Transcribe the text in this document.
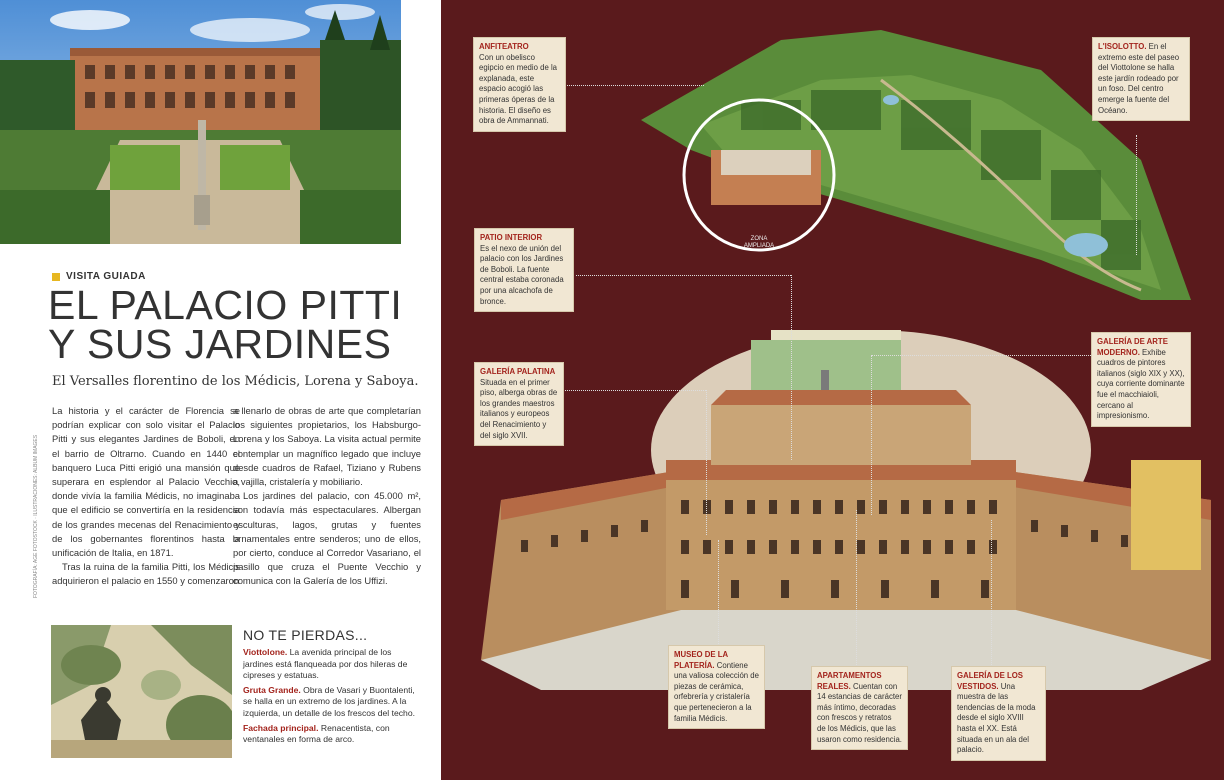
VISITA GUIADA
EL PALACIO PITTI
Y SUS JARDINES
El Versalles florentino de los Médicis, Lorena y Saboya.
FOTOGRAFÍA: AGE FOTOSTOCK · ILUSTRACIONES: ALBUM IMAGES

La historia y el carácter de Florencia se podrían explicar con solo visitar el Palacio Pitti y sus elegantes Jardines de Boboli, en el barrio de Oltrarno. Cuando en 1440 el banquero Luca Pitti erigió una mansión que superara en esplendor al Palacio Vecchio, donde vivía la familia Médicis, no imaginaba que el edificio se convertiría en la residencia de los grandes mecenas del Renacimiento y de los gobernantes florentinos hasta la unificación de Italia, en 1871.

Tras la ruina de la familia Pitti, los Médicis adquirieron el palacio en 1550 y comenzaron

a llenarlo de obras de arte que completarían los siguientes propietarios, los Habsburgo-Lorena y los Saboya. La visita actual permite contemplar un magnífico legado que incluye desde cuadros de Rafael, Tiziano y Rubens a vajilla, cristalería y mobiliario.

Los jardines del palacio, con 45.000 m², son todavía más espectaculares. Albergan esculturas, lagos, grutas y fuentes ornamentales entre senderos; uno de ellos, por cierto, conduce al Corredor Vasariano, el pasillo que cruza el Puente Vecchio y comunica con la Galería de los Uffizi.

NO TE PIERDAS...

Viottolone. La avenida principal de los jardines está flanqueada por dos hileras de cipreses y estatuas.

Gruta Grande. Obra de Vasari y Buontalenti, se halla en un extremo de los jardines. A la izquierda, un detalle de los frescos del techo.

Fachada principal. Renacentista, con ventanales en forma de arco.

ZONA
AMPLIADA
ANFITEATRO
Con un obelisco egipcio en medio de la explanada, este espacio acogió las primeras óperas de la historia. El diseño es obra de Ammannati.
L'ISOLOTTO. En el extremo este del paseo del Viottolone se halla este jardín rodeado por un foso. Del centro emerge la fuente del Océano.
PATIO INTERIOR
Es el nexo de unión del palacio con los Jardines de Boboli. La fuente central estaba coronada por una alcachofa de bronce.
GALERÍA PALATINA
Situada en el primer piso, alberga obras de los grandes maestros italianos y europeos del Renacimiento y del siglo XVII.
GALERÍA DE ARTE MODERNO. Exhibe cuadros de pintores italianos (siglo XIX y XX), cuya corriente dominante fue el macchiaioli, cercano al impresionismo.
MUSEO DE LA PLATERÍA. Contiene una valiosa colección de piezas de cerámica, orfebrería y cristalería que pertenecieron a la familia Médicis.
APARTAMENTOS REALES. Cuentan con 14 estancias de carácter más íntimo, decoradas con frescos y retratos de los Médicis, que las usaron como residencia.
GALERÍA DE LOS VESTIDOS. Una muestra de las tendencias de la moda desde el siglo XVIII hasta el XX. Está situada en un ala del palacio.
